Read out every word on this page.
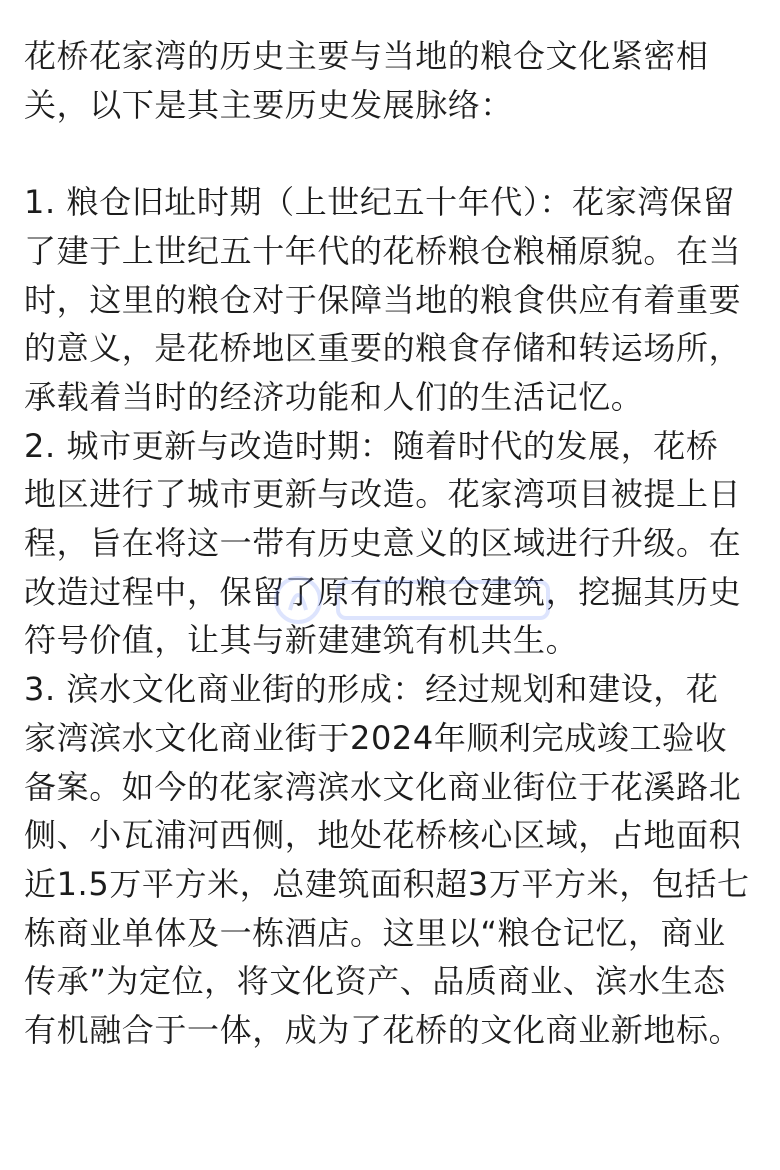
花桥花家湾的历史主要与当地的粮仓文化紧密相
关，以下是其主要历史发展脉络：

1. 粮仓旧址时期（上世纪五十年代）：花家湾保留
了建于上世纪五十年代的花桥粮仓粮桶原貌。在当
时，这里的粮仓对于保障当地的粮食供应有着重要
的意义，是花桥地区重要的粮食存储和转运场所，
承载着当时的经济功能和人们的生活记忆。

2. 城市更新与改造时期：随着时代的发展，花桥
地区进行了城市更新与改造。花家湾项目被提上日
程，旨在将这一带有历史意义的区域进行升级。在
改造过程中，保留了原有的粮仓建筑，挖掘其历史
符号价值，让其与新建建筑有机共生。

3. 滨水文化商业街的形成：经过规划和建设，花
家湾滨水文化商业街于2024年顺利完成竣工验收
备案。如今的花家湾滨水文化商业街位于花溪路北
侧、小瓦浦河西侧，地处花桥核心区域，占地面积
近1.5万平方米，总建筑面积超3万平方米，包括七
栋商业单体及一栋酒店。这里以“粮仓记忆，商业
传承”为定位，将文化资产、品质商业、滨水生态
有机融合于一体，成为了花桥的文化商业新地标。
